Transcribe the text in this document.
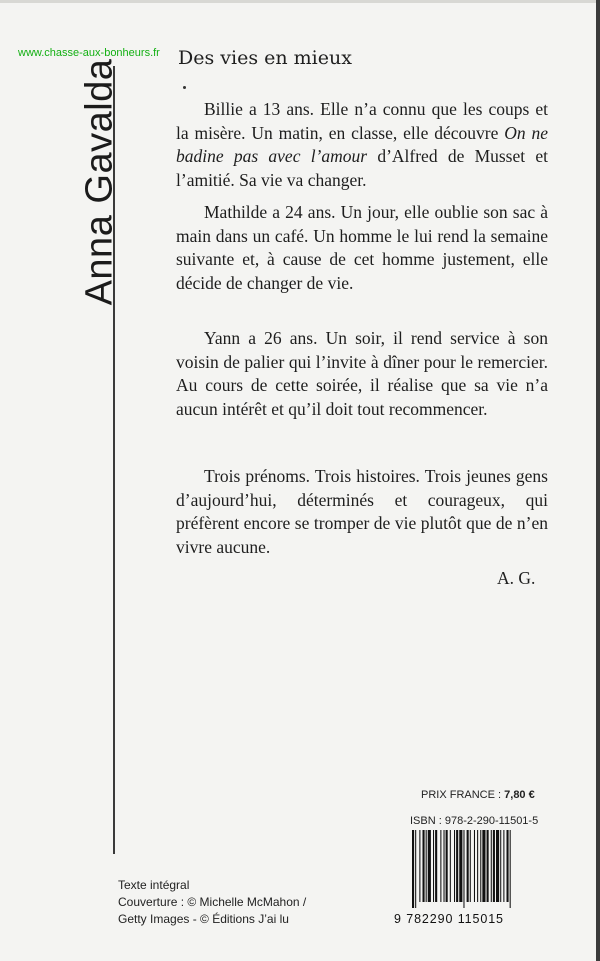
www.chasse-aux-bonheurs.fr
Anna Gavalda
Des vies en mieux

Billie a 13 ans. Elle n’a connu que les coups et la misère. Un matin, en classe, elle découvre On ne badine pas avec l’amour d’Alfred de Musset et l’amitié. Sa vie va changer.

Mathilde a 24 ans. Un jour, elle oublie son sac à main dans un café. Un homme le lui rend la semaine suivante et, à cause de cet homme justement, elle décide de changer de vie.

Yann a 26 ans. Un soir, il rend service à son voisin de palier qui l’invite à dîner pour le remercier. Au cours de cette soirée, il réalise que sa vie n’a aucun intérêt et qu’il doit tout recommencer.

Trois prénoms. Trois histoires. Trois jeunes gens d’aujourd’hui, déterminés et courageux, qui préfèrent encore se tromper de vie plutôt que de n’en vivre aucune.

A. G.
PRIX FRANCE : 7,80 €
ISBN : 978-2-290-11501-5
9 782290 115015
Texte intégral
Couverture : © Michelle McMahon /
Getty Images - © Éditions J’ai lu
